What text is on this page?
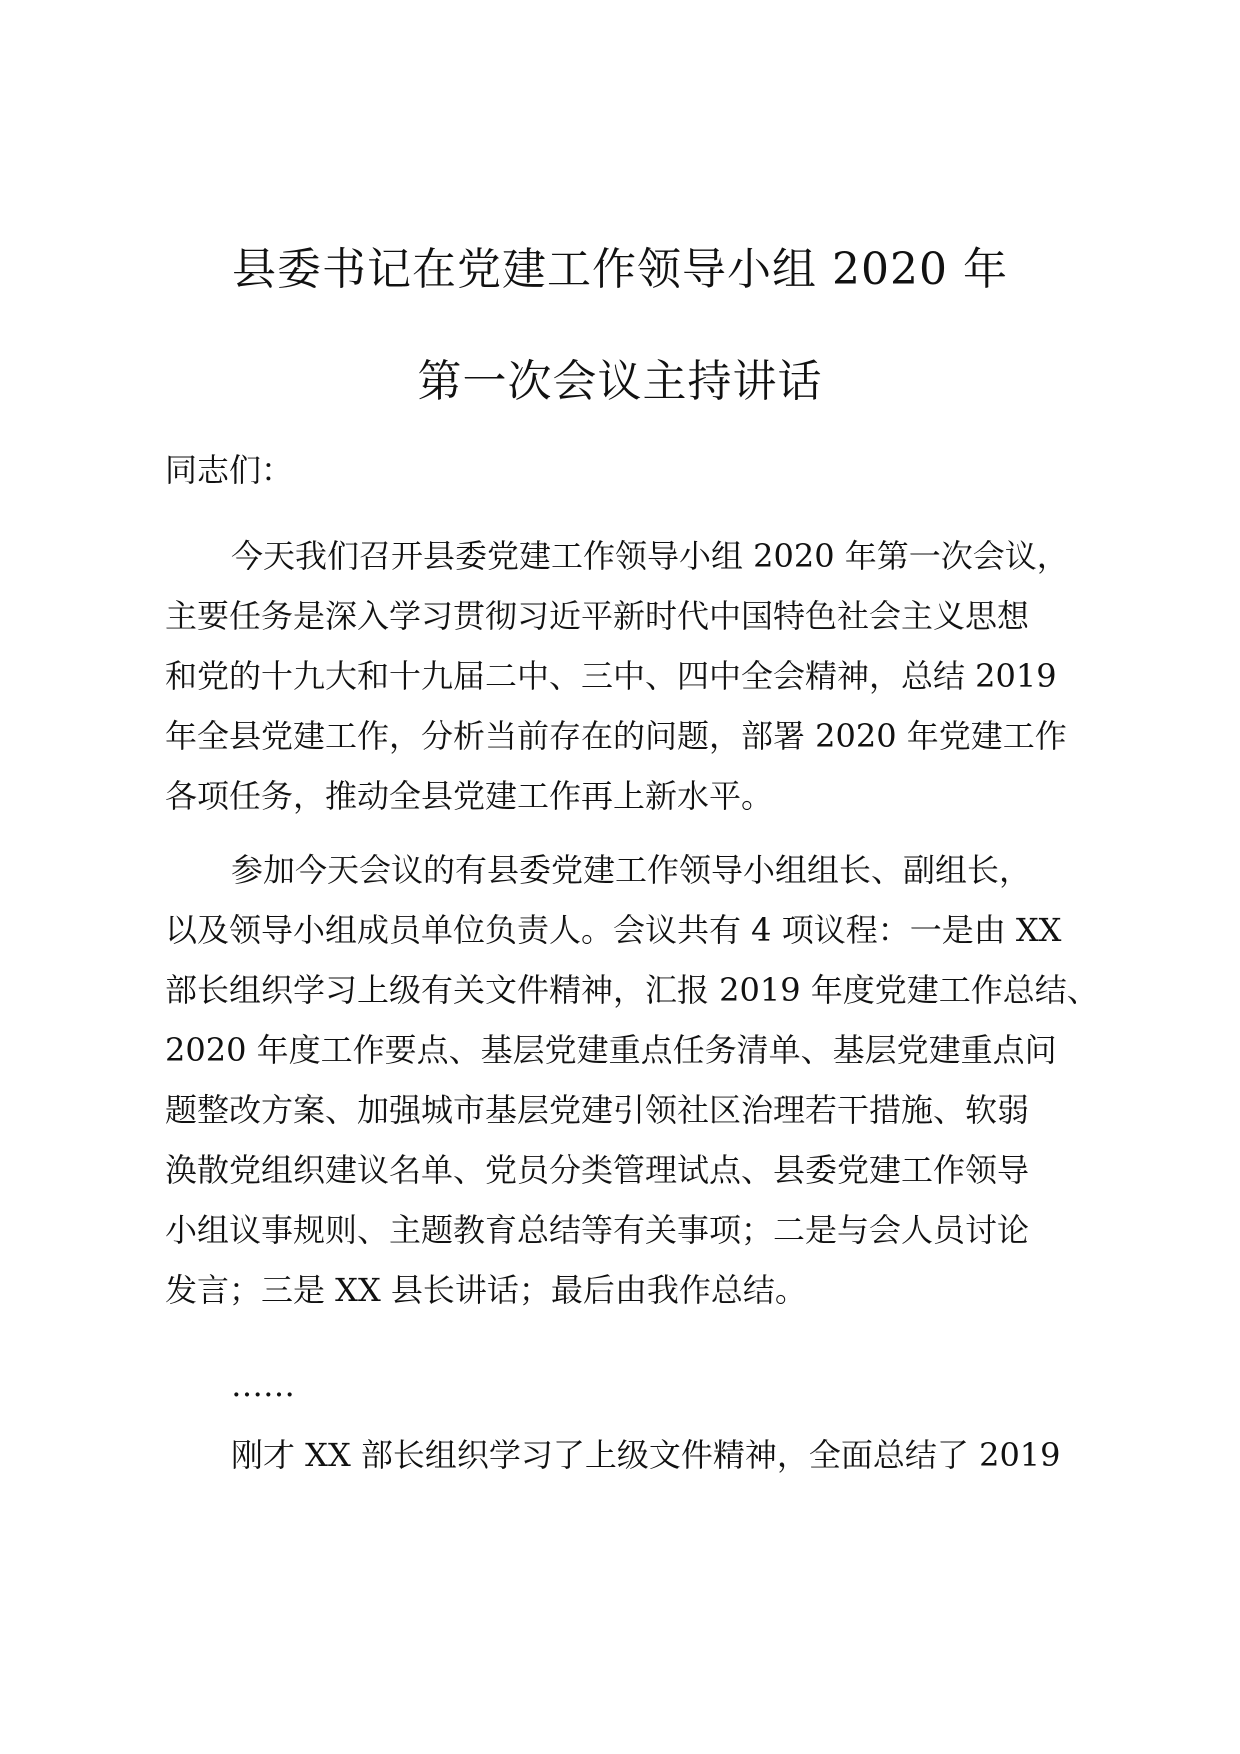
县委书记在党建工作领导小组 2020 年
第一次会议主持讲话

同志们：

今天我们召开县委党建工作领导小组 2020 年第一次会议，
主要任务是深入学习贯彻习近平新时代中国特色社会主义思想
和党的十九大和十九届二中、三中、四中全会精神，总结 2019
年全县党建工作，分析当前存在的问题，部署 2020 年党建工作
各项任务，推动全县党建工作再上新水平。
参加今天会议的有县委党建工作领导小组组长、副组长，
以及领导小组成员单位负责人。会议共有 4 项议程：一是由 XX
部长组织学习上级有关文件精神，汇报 2019 年度党建工作总结、
2020 年度工作要点、基层党建重点任务清单、基层党建重点问
题整改方案、加强城市基层党建引领社区治理若干措施、软弱
涣散党组织建议名单、党员分类管理试点、县委党建工作领导
小组议事规则、主题教育总结等有关事项；二是与会人员讨论
发言；三是 XX 县长讲话；最后由我作总结。
……
刚才 XX 部长组织学习了上级文件精神，全面总结了 2019
